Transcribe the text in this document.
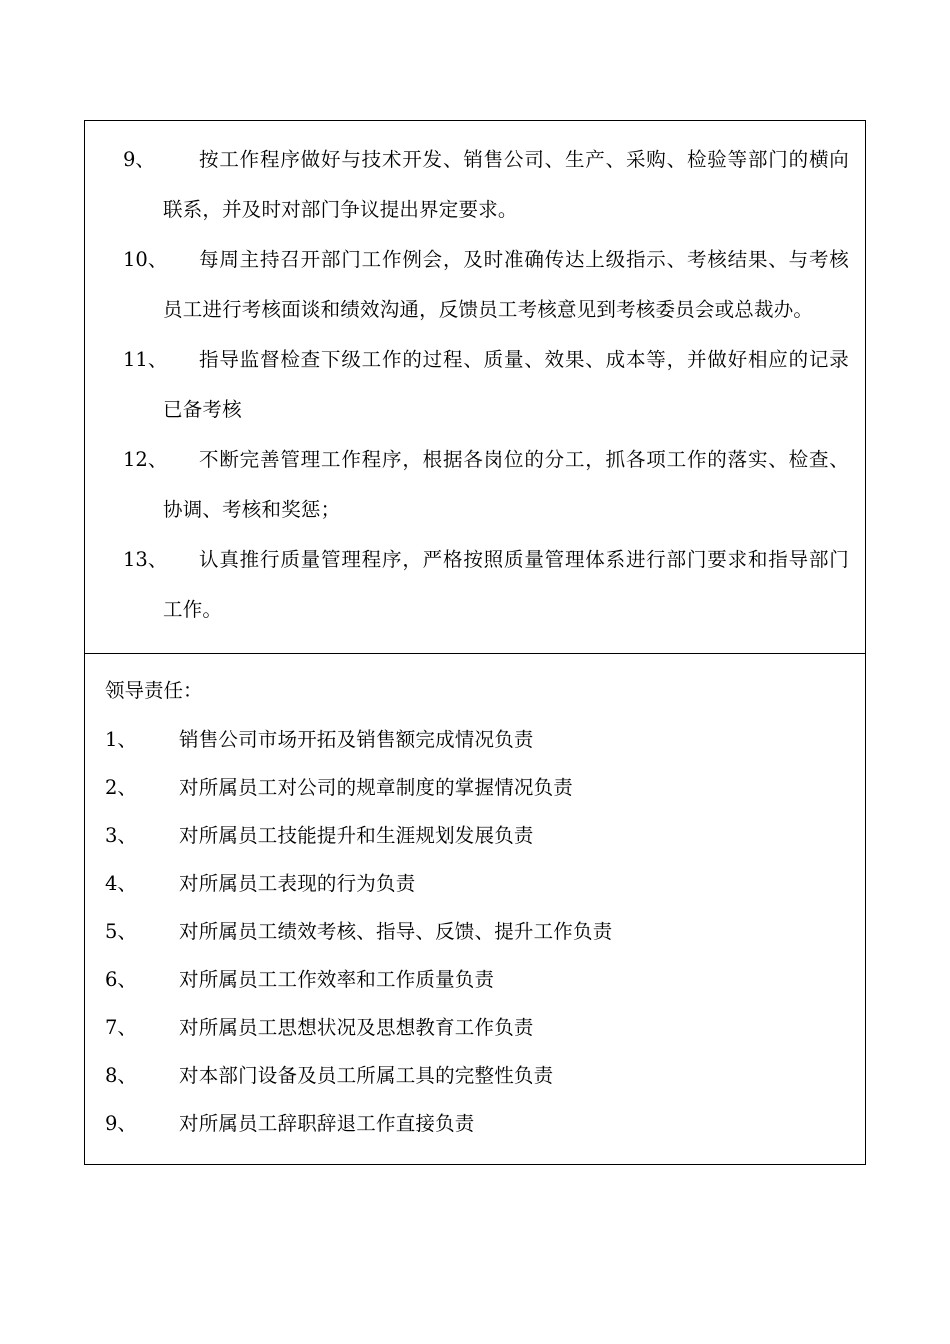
9、	按工作程序做好与技术开发、销售公司、生产、采购、检验等部门的横向联系，并及时对部门争议提出界定要求。
10、	每周主持召开部门工作例会，及时准确传达上级指示、考核结果、与考核员工进行考核面谈和绩效沟通，反馈员工考核意见到考核委员会或总裁办。
11、	指导监督检查下级工作的过程、质量、效果、成本等，并做好相应的记录已备考核
12、	不断完善管理工作程序，根据各岗位的分工，抓各项工作的落实、检查、协调、考核和奖惩；
13、	认真推行质量管理程序，严格按照质量管理体系进行部门要求和指导部门工作。
领导责任：
1、	销售公司市场开拓及销售额完成情况负责
2、	对所属员工对公司的规章制度的掌握情况负责
3、	对所属员工技能提升和生涯规划发展负责
4、	对所属员工表现的行为负责
5、	对所属员工绩效考核、指导、反馈、提升工作负责
6、	对所属员工工作效率和工作质量负责
7、	对所属员工思想状况及思想教育工作负责
8、	对本部门设备及员工所属工具的完整性负责
9、	对所属员工辞职辞退工作直接负责
